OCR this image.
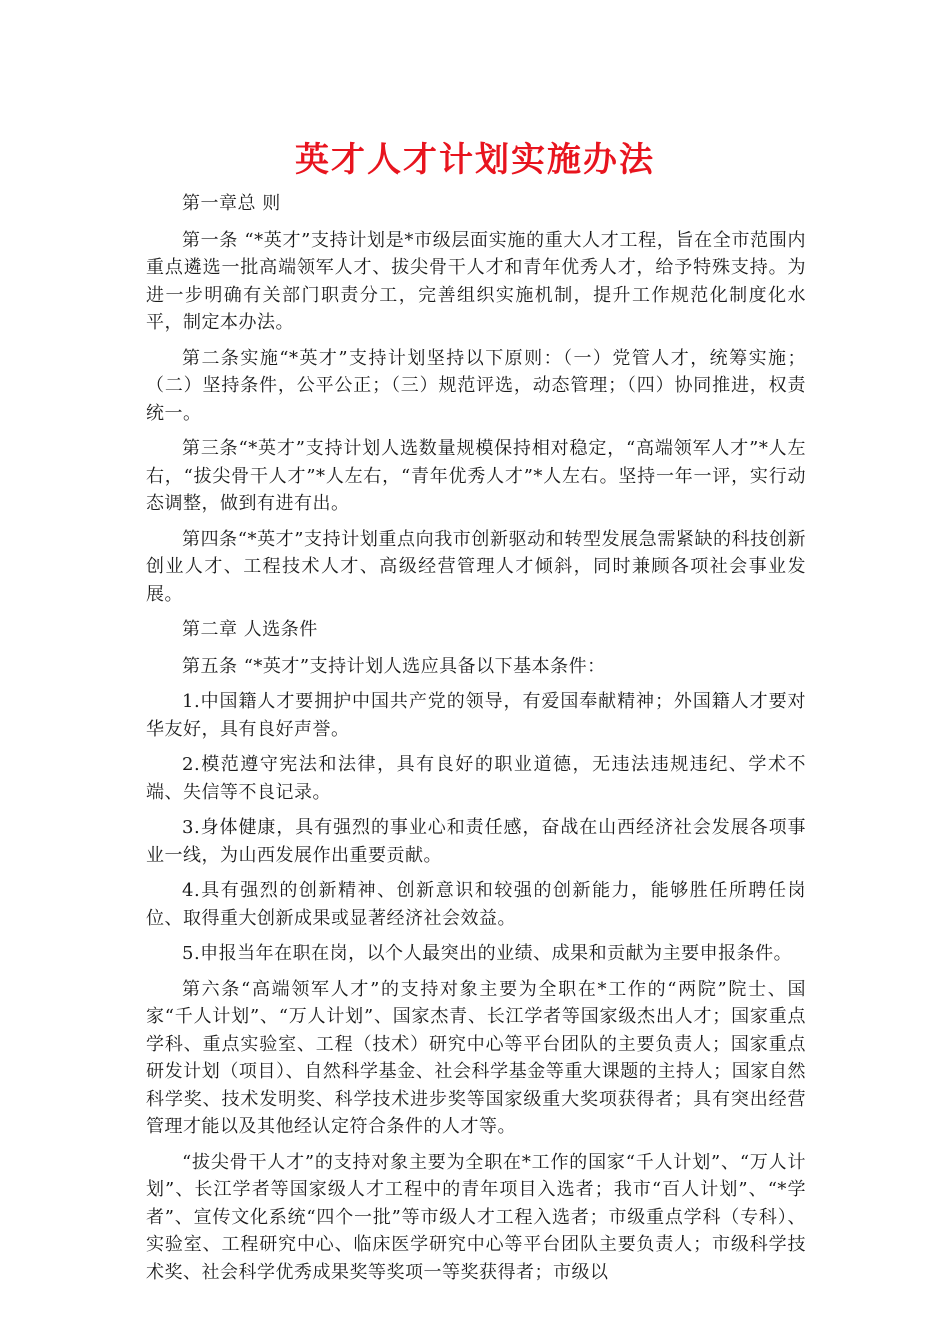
英才人才计划实施办法

第一章总 则

第一条 “*英才”支持计划是*市级层面实施的重大人才工程，旨在全市范围内重点遴选一批高端领军人才、拔尖骨干人才和青年优秀人才，给予特殊支持。为进一步明确有关部门职责分工，完善组织实施机制，提升工作规范化制度化水平，制定本办法。

第二条实施“*英才”支持计划坚持以下原则：（一）党管人才，统筹实施；（二）坚持条件，公平公正；（三）规范评选，动态管理；（四）协同推进，权责统一。

第三条“*英才”支持计划人选数量规模保持相对稳定，“高端领军人才”*人左右，“拔尖骨干人才”*人左右，“青年优秀人才”*人左右。坚持一年一评，实行动态调整，做到有进有出。

第四条“*英才”支持计划重点向我市创新驱动和转型发展急需紧缺的科技创新创业人才、工程技术人才、高级经营管理人才倾斜，同时兼顾各项社会事业发展。

第二章 人选条件

第五条 “*英才”支持计划人选应具备以下基本条件：

1.中国籍人才要拥护中国共产党的领导，有爱国奉献精神；外国籍人才要对华友好，具有良好声誉。

2.模范遵守宪法和法律，具有良好的职业道德，无违法违规违纪、学术不端、失信等不良记录。

3.身体健康，具有强烈的事业心和责任感，奋战在山西经济社会发展各项事业一线，为山西发展作出重要贡献。

4.具有强烈的创新精神、创新意识和较强的创新能力，能够胜任所聘任岗位、取得重大创新成果或显著经济社会效益。

5.申报当年在职在岗，以个人最突出的业绩、成果和贡献为主要申报条件。

第六条“高端领军人才”的支持对象主要为全职在*工作的“两院”院士、国家“千人计划”、“万人计划”、国家杰青、长江学者等国家级杰出人才；国家重点学科、重点实验室、工程（技术）研究中心等平台团队的主要负责人；国家重点研发计划（项目）、自然科学基金、社会科学基金等重大课题的主持人；国家自然科学奖、技术发明奖、科学技术进步奖等国家级重大奖项获得者；具有突出经营管理才能以及其他经认定符合条件的人才等。

“拔尖骨干人才”的支持对象主要为全职在*工作的国家“千人计划”、“万人计划”、长江学者等国家级人才工程中的青年项目入选者；我市“百人计划”、“*学者”、宣传文化系统“四个一批”等市级人才工程入选者；市级重点学科（专科）、实验室、工程研究中心、临床医学研究中心等平台团队主要负责人；市级科学技术奖、社会科学优秀成果奖等奖项一等奖获得者；市级以
